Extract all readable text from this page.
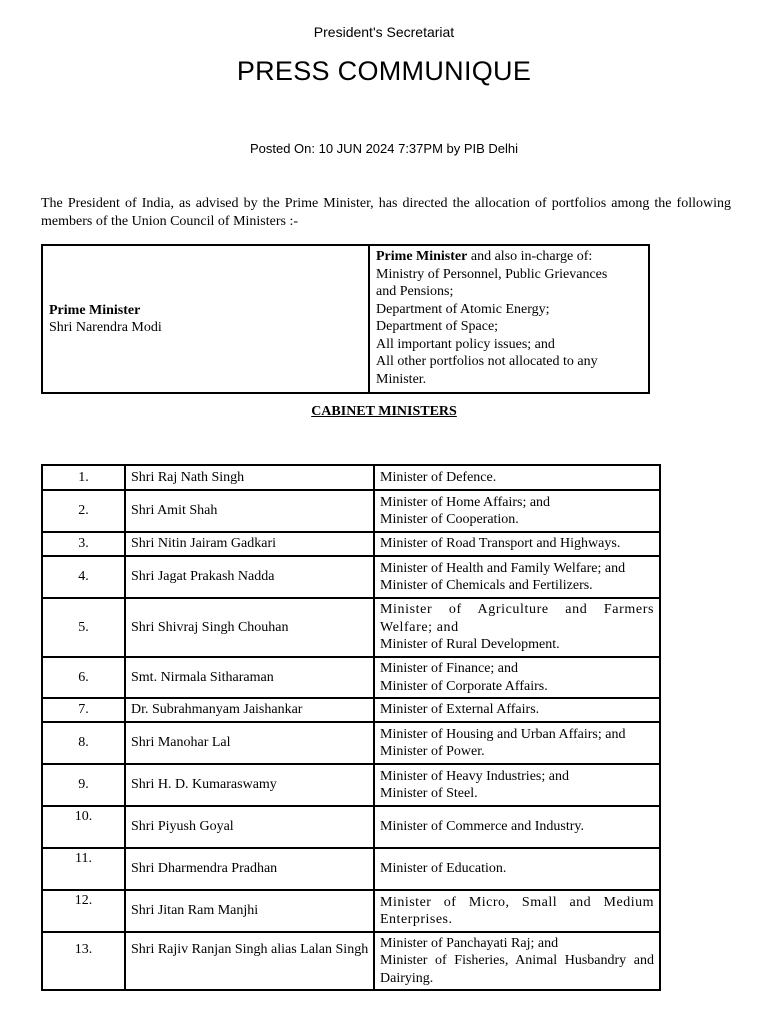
President's Secretariat
PRESS COMMUNIQUE
Posted On: 10 JUN 2024 7:37PM by PIB Delhi
The President of India, as advised by the Prime Minister, has directed the allocation of portfolios among the following members of the Union Council of Ministers :-
Prime Minister
Shri Narendra Modi

Prime Minister and also in-charge of:
Ministry of Personnel, Public Grievances
and Pensions;
Department of Atomic Energy;
Department of Space;
All important policy issues; and
All other portfolios not allocated to any
Minister.
CABINET MINISTERS
1.	Shri Raj Nath Singh	Minister of Defence.

2.	Shri Amit Shah	Minister of Home Affairs; and
Minister of Cooperation.

3.	Shri Nitin Jairam Gadkari	Minister of Road Transport and Highways.

4.	Shri Jagat Prakash Nadda	Minister of Health and Family Welfare; and
Minister of Chemicals and Fertilizers.

5.	Shri Shivraj Singh Chouhan	Minister of Agriculture and Farmers Welfare; and
Minister of Rural Development.

6.	Smt. Nirmala Sitharaman	Minister of Finance; and
Minister of Corporate Affairs.

7.	Dr. Subrahmanyam Jaishankar	Minister of External Affairs.

8.	Shri Manohar Lal	Minister of Housing and Urban Affairs; and
Minister of Power.

9.	Shri H. D. Kumaraswamy	Minister of Heavy Industries; and
Minister of Steel.

10.	Shri Piyush Goyal	Minister of Commerce and Industry.

11.	Shri Dharmendra Pradhan	Minister of Education.

12.	Shri Jitan Ram Manjhi	Minister of Micro, Small and Medium Enterprises.

13.	Shri Rajiv Ranjan Singh alias Lalan Singh	Minister of Panchayati Raj; and
Minister of Fisheries, Animal Husbandry and Dairying.
